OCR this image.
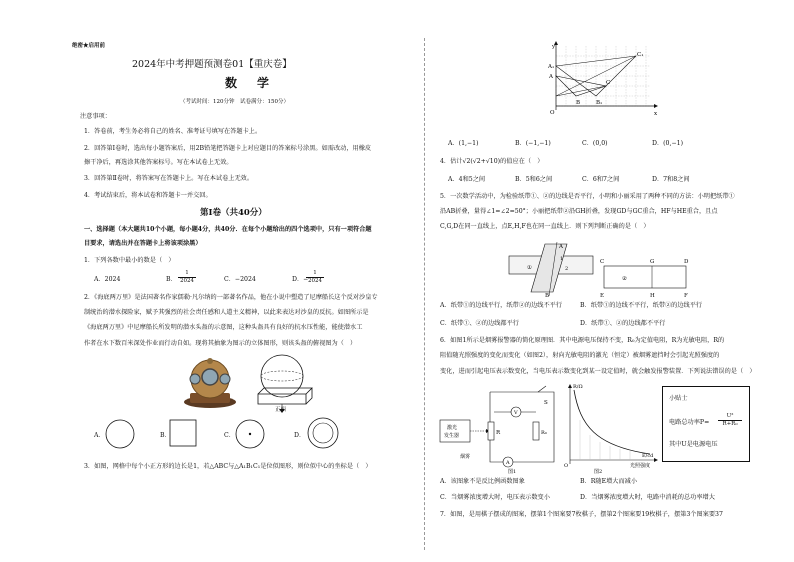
绝密★启用前
2024年中考押题预测卷01【重庆卷】
数　学
（考试时间：120分钟　试卷满分：150分）
注意事项：
1．答卷前，考生务必将自己的姓名、准考证号填写在答题卡上。
2．回答第Ⅰ卷时，选出每小题答案后，用2B铅笔把答题卡上对应题目的答案标号涂黑。如需改动，用橡皮
擦干净后，再选涂其他答案标号。写在本试卷上无效。
3．回答第Ⅱ卷时，将答案写在答题卡上。写在本试卷上无效。
4．考试结束后，将本试卷和答题卡一并交回。
第Ⅰ卷（共40分）
一、选择题（本大题共10个小题，每小题4分，共40分．在每个小题给出的四个选项中，只有一项符合题
目要求，请选出并在答题卡上将该项涂黑）
1．下列各数中最小的数是（　）
A．2024	B． $\frac{1}{2024}$	C．−2024	D．−
$\frac{1}{2024}$
2．《海底两万里》是法国著名作家儒勒·凡尔纳的一部著名作品，他在小说中塑造了尼摩船长这个反对沙皇专
制统治的潜水探险家，赋予其强烈的社会责任感和人道主义精神，以此来表达对沙皇的反抗。如图所示是
《海底两万里》中尼摩船长所发明的潜水头盔的示意图，这种头盔具有良好的抗水压性能，能使潜水工
作者在水下数百米深处作业而行动自如。现将其抽象为图示的立体图形，则该头盔的俯视图为（　）
正面
A．	B．	C．	D．
3．如图，网格中每个小正方形的边长是1，若△ABC与△A₁B₁C₁是位似图形，则位似中心的坐标是（　）
y
x
O
A
A₁
B	B₁
C
C₁
A．(1,−1)	B．(−1,−1)	C．(0,0)	D．(0,−1)
4．估计√2(√2+√10)的值应在（　）
A．4和5之间	B．5和6之间	C．6和7之间	D．7和8之间
5．一次数学活动中，为检验纸带①、②的边线是否平行，小明和小丽采用了两种不同的方法：小明把纸带①
沿AB折叠，量得∠1=∠2=50°；小丽把纸带②沿GH折叠，发现GD与GC重合，HF与HE重合，且点
C,G,D在同一直线上，点E,H,F也在同一直线上．则下列判断正确的是（　）
①
1
2
A
B
②
C	G	D
E	H	F
A．纸带①的边线平行，纸带②的边线不平行	B．纸带①的边线不平行，纸带②的边线平行
C．纸带①、②的边线都平行	D．纸带①、②的边线都不平行
6．如图1所示是烟雾报警器的简化原理图．其中电源电压保持不变，R₀为定值电阻，R为光敏电阻，R的
阻值随光照强度的变化而变化（如图2），射向光敏电阻的激光（恒定）被烟雾遮挡时会引起光照强度的
变化，进而引起电压表示数变化，当电压表示数变化到某一设定值时，就会触发报警装置．下列说法错误的是（　）
激光
发生器
烟雾
R
V
R₀
A
S
图1
R/Ω
E/cd
光照强度
O
图2
小贴士
电路总功率$P= \frac{\text{U²}}{\text{R+R₀}}$
其中U是电源电压
A．该图象不是反比例函数图象	B．R随E增大而减小
C．当烟雾浓度增大时，电压表示数变小	D．当烟雾浓度增大时，电路中消耗的总功率增大
7．如图，是用棋子摆成的图案，摆第1个图案要7枚棋子，摆第2个图案要19枚棋子，摆第3个图案要37
